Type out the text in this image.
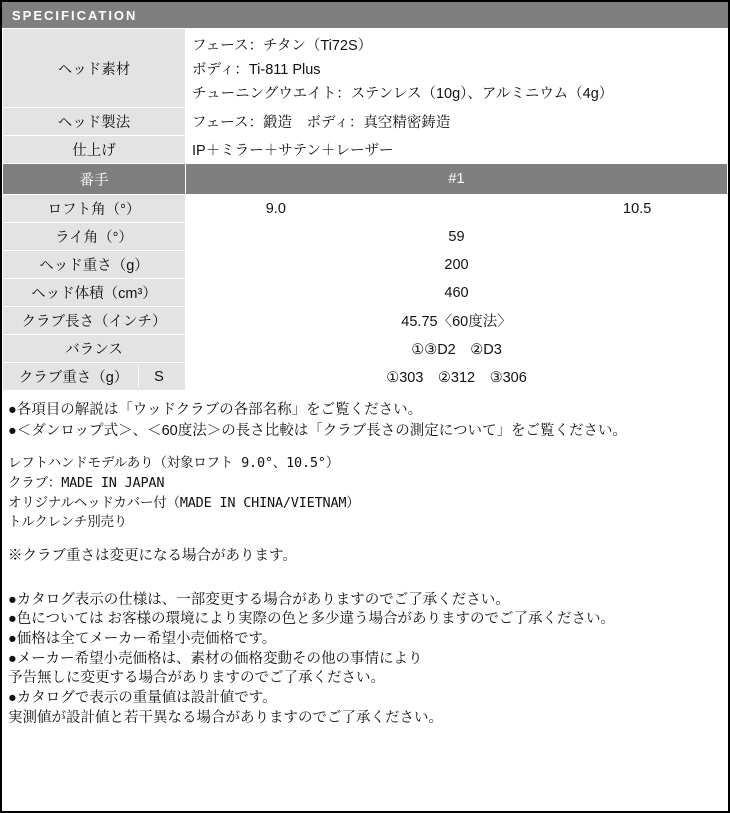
SPECIFICATION
ヘッド素材	フェース：チタン（Ti72S）
ボディ：Ti-811 Plus
チューニングウエイト：ステンレス（10g）、アルミニウム（4g）		

ヘッド製法	フェース：鍛造　ボディ：真空精密鋳造		
仕上げ	IP＋ミラー＋サテン＋レーザー		
番手	#1		
ロフト角（°）	9.0		10.5
ライ角（°）	59		
ヘッド重さ（g）	200		
ヘッド体積（cm³）	460		
クラブ長さ（インチ）	45.75〈60度法〉		
バランス	①③D2　②D3		

クラブ重さ（g） S	①303　②312　③306		

●各項目の解説は「ウッドクラブの各部名称」をご覧ください。

●＜ダンロップ式＞、＜60度法＞の長さ比較は「クラブ長さの測定について」をご覧ください。

レフトハンドモデルあり（対象ロフト 9.0°、10.5°）

クラブ：MADE IN JAPAN

オリジナルヘッドカバー付（MADE IN CHINA/VIETNAM）

トルクレンチ別売り

※クラブ重さは変更になる場合があります。

●カタログ表示の仕様は、一部変更する場合がありますのでご了承ください。

●色については お客様の環境により実際の色と多少違う場合がありますのでご了承ください。

●価格は全てメーカー希望小売価格です。

●メーカー希望小売価格は、素材の価格変動その他の事情により

予告無しに変更する場合がありますのでご了承ください。

●カタログで表示の重量値は設計値です。

実測値が設計値と若干異なる場合がありますのでご了承ください。
